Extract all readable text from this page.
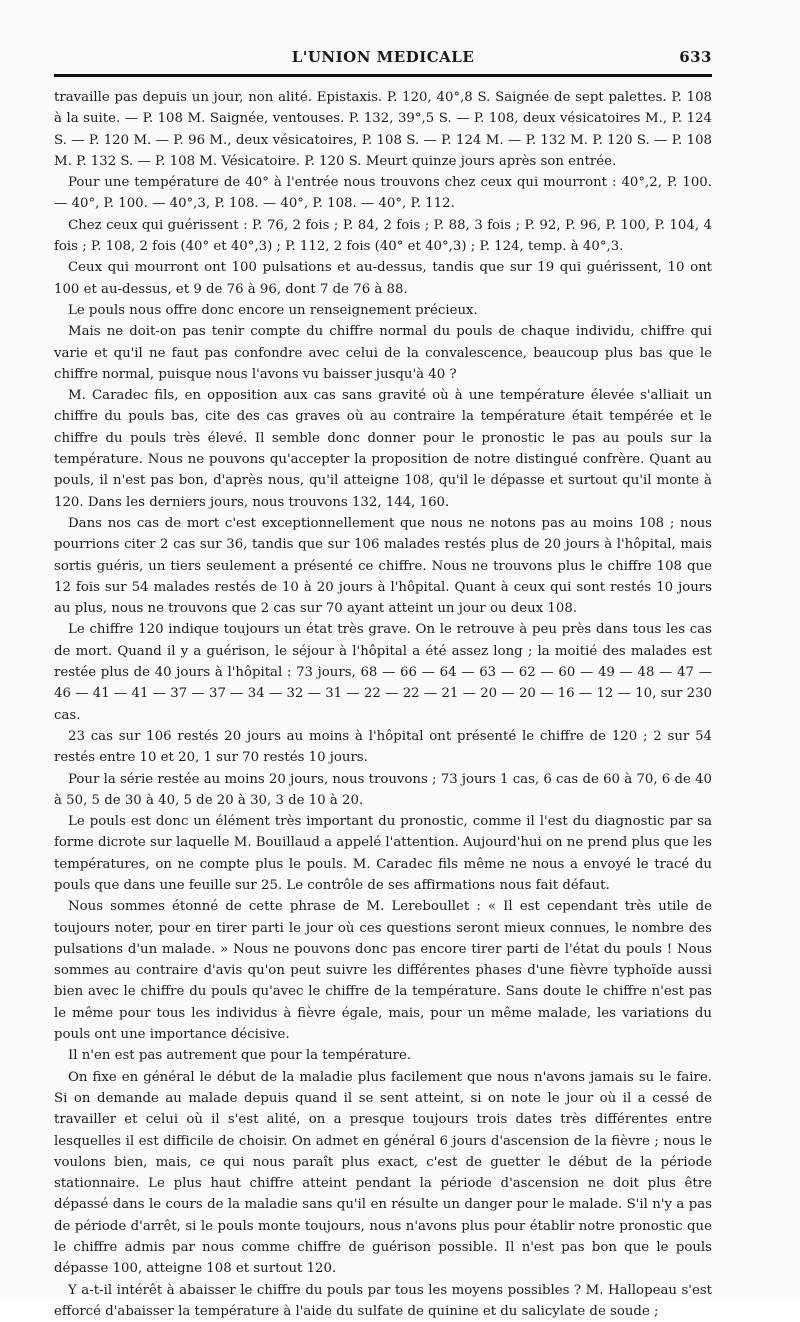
L'UNION MEDICALE	633

travaille pas depuis un jour, non alité. Epistaxis. P. 120, 40°,8 S. Saignée de sept palettes. P. 108 à la suite. — P. 108 M. Saignée, ventouses. P. 132, 39°,5 S. — P. 108, deux vésicatoires M., P. 124 S. — P. 120 M. — P. 96 M., deux vésicatoires, P. 108 S. — P. 124 M. — P. 132 M. P. 120 S. — P. 108 M. P. 132 S. — P. 108 M. Vésicatoire. P. 120 S. Meurt quinze jours après son entrée.

Pour une température de 40° à l'entrée nous trouvons chez ceux qui mourront : 40°,2, P. 100. — 40°, P. 100. — 40°,3, P. 108. — 40°, P. 108. — 40°, P. 112.

Chez ceux qui guérissent : P. 76, 2 fois ; P. 84, 2 fois ; P. 88, 3 fois ; P. 92, P. 96, P. 100, P. 104, 4 fois ; P. 108, 2 fois (40° et 40°,3) ; P. 112, 2 fois (40° et 40°,3) ; P. 124, temp. à 40°,3.

Ceux qui mourront ont 100 pulsations et au-dessus, tandis que sur 19 qui guérissent, 10 ont 100 et au-dessus, et 9 de 76 à 96, dont 7 de 76 à 88.

Le pouls nous offre donc encore un renseignement précieux.

Mais ne doit-on pas tenir compte du chiffre normal du pouls de chaque individu, chiffre qui varie et qu'il ne faut pas confondre avec celui de la convalescence, beaucoup plus bas que le chiffre normal, puisque nous l'avons vu baisser jusqu'à 40 ?

M. Caradec fils, en opposition aux cas sans gravité où à une température élevée s'alliait un chiffre du pouls bas, cite des cas graves où au contraire la température était tempérée et le chiffre du pouls très élevé. Il semble donc donner pour le pronostic le pas au pouls sur la température. Nous ne pouvons qu'accepter la proposition de notre distingué confrère. Quant au pouls, il n'est pas bon, d'après nous, qu'il atteigne 108, qu'il le dépasse et surtout qu'il monte à 120. Dans les derniers jours, nous trouvons 132, 144, 160.

Dans nos cas de mort c'est exceptionnellement que nous ne notons pas au moins 108 ; nous pourrions citer 2 cas sur 36, tandis que sur 106 malades restés plus de 20 jours à l'hôpital, mais sortis guéris, un tiers seulement a présenté ce chiffre. Nous ne trouvons plus le chiffre 108 que 12 fois sur 54 malades restés de 10 à 20 jours à l'hôpital. Quant à ceux qui sont restés 10 jours au plus, nous ne trouvons que 2 cas sur 70 ayant atteint un jour ou deux 108.

Le chiffre 120 indique toujours un état très grave. On le retrouve à peu près dans tous les cas de mort. Quand il y a guérison, le séjour à l'hôpital a été assez long ; la moitié des malades est restée plus de 40 jours à l'hôpital : 73 jours, 68 — 66 — 64 — 63 — 62 — 60 — 49 — 48 — 47 — 46 — 41 — 41 — 37 — 37 — 34 — 32 — 31 — 22 — 22 — 21 — 20 — 20 — 16 — 12 — 10, sur 230 cas.

23 cas sur 106 restés 20 jours au moins à l'hôpital ont présenté le chiffre de 120 ; 2 sur 54 restés entre 10 et 20, 1 sur 70 restés 10 jours.

Pour la série restée au moins 20 jours, nous trouvons ; 73 jours 1 cas, 6 cas de 60 à 70, 6 de 40 à 50, 5 de 30 à 40, 5 de 20 à 30, 3 de 10 à 20.

Le pouls est donc un élément très important du pronostic, comme il l'est du diagnostic par sa forme dicrote sur laquelle M. Bouillaud a appelé l'attention. Aujourd'hui on ne prend plus que les températures, on ne compte plus le pouls. M. Caradec fils même ne nous a envoyé le tracé du pouls que dans une feuille sur 25. Le contrôle de ses affirmations nous fait défaut.

Nous sommes étonné de cette phrase de M. Lereboullet : « Il est cependant très utile de toujours noter, pour en tirer parti le jour où ces questions seront mieux connues, le nombre des pulsations d'un malade. » Nous ne pouvons donc pas encore tirer parti de l'état du pouls ! Nous sommes au contraire d'avis qu'on peut suivre les différentes phases d'une fièvre typhoïde aussi bien avec le chiffre du pouls qu'avec le chiffre de la température. Sans doute le chiffre n'est pas le même pour tous les individus à fièvre égale, mais, pour un même malade, les variations du pouls ont une importance décisive.

Il n'en est pas autrement que pour la température.

On fixe en général le début de la maladie plus facilement que nous n'avons jamais su le faire. Si on demande au malade depuis quand il se sent atteint, si on note le jour où il a cessé de travailler et celui où il s'est alité, on a presque toujours trois dates très différentes entre lesquelles il est difficile de choisir. On admet en général 6 jours d'ascension de la fièvre ; nous le voulons bien, mais, ce qui nous paraît plus exact, c'est de guetter le début de la période stationnaire. Le plus haut chiffre atteint pendant la période d'ascension ne doit plus être dépassé dans le cours de la maladie sans qu'il en résulte un danger pour le malade. S'il n'y a pas de période d'arrêt, si le pouls monte toujours, nous n'avons plus pour établir notre pronostic que le chiffre admis par nous comme chiffre de guérison possible. Il n'est pas bon que le pouls dépasse 100, atteigne 108 et surtout 120.

Y a-t-il intérêt à abaisser le chiffre du pouls par tous les moyens possibles ? M. Hallopeau s'est efforcé d'abaisser la température à l'aide du sulfate de quinine et du salicylate de soude ;
